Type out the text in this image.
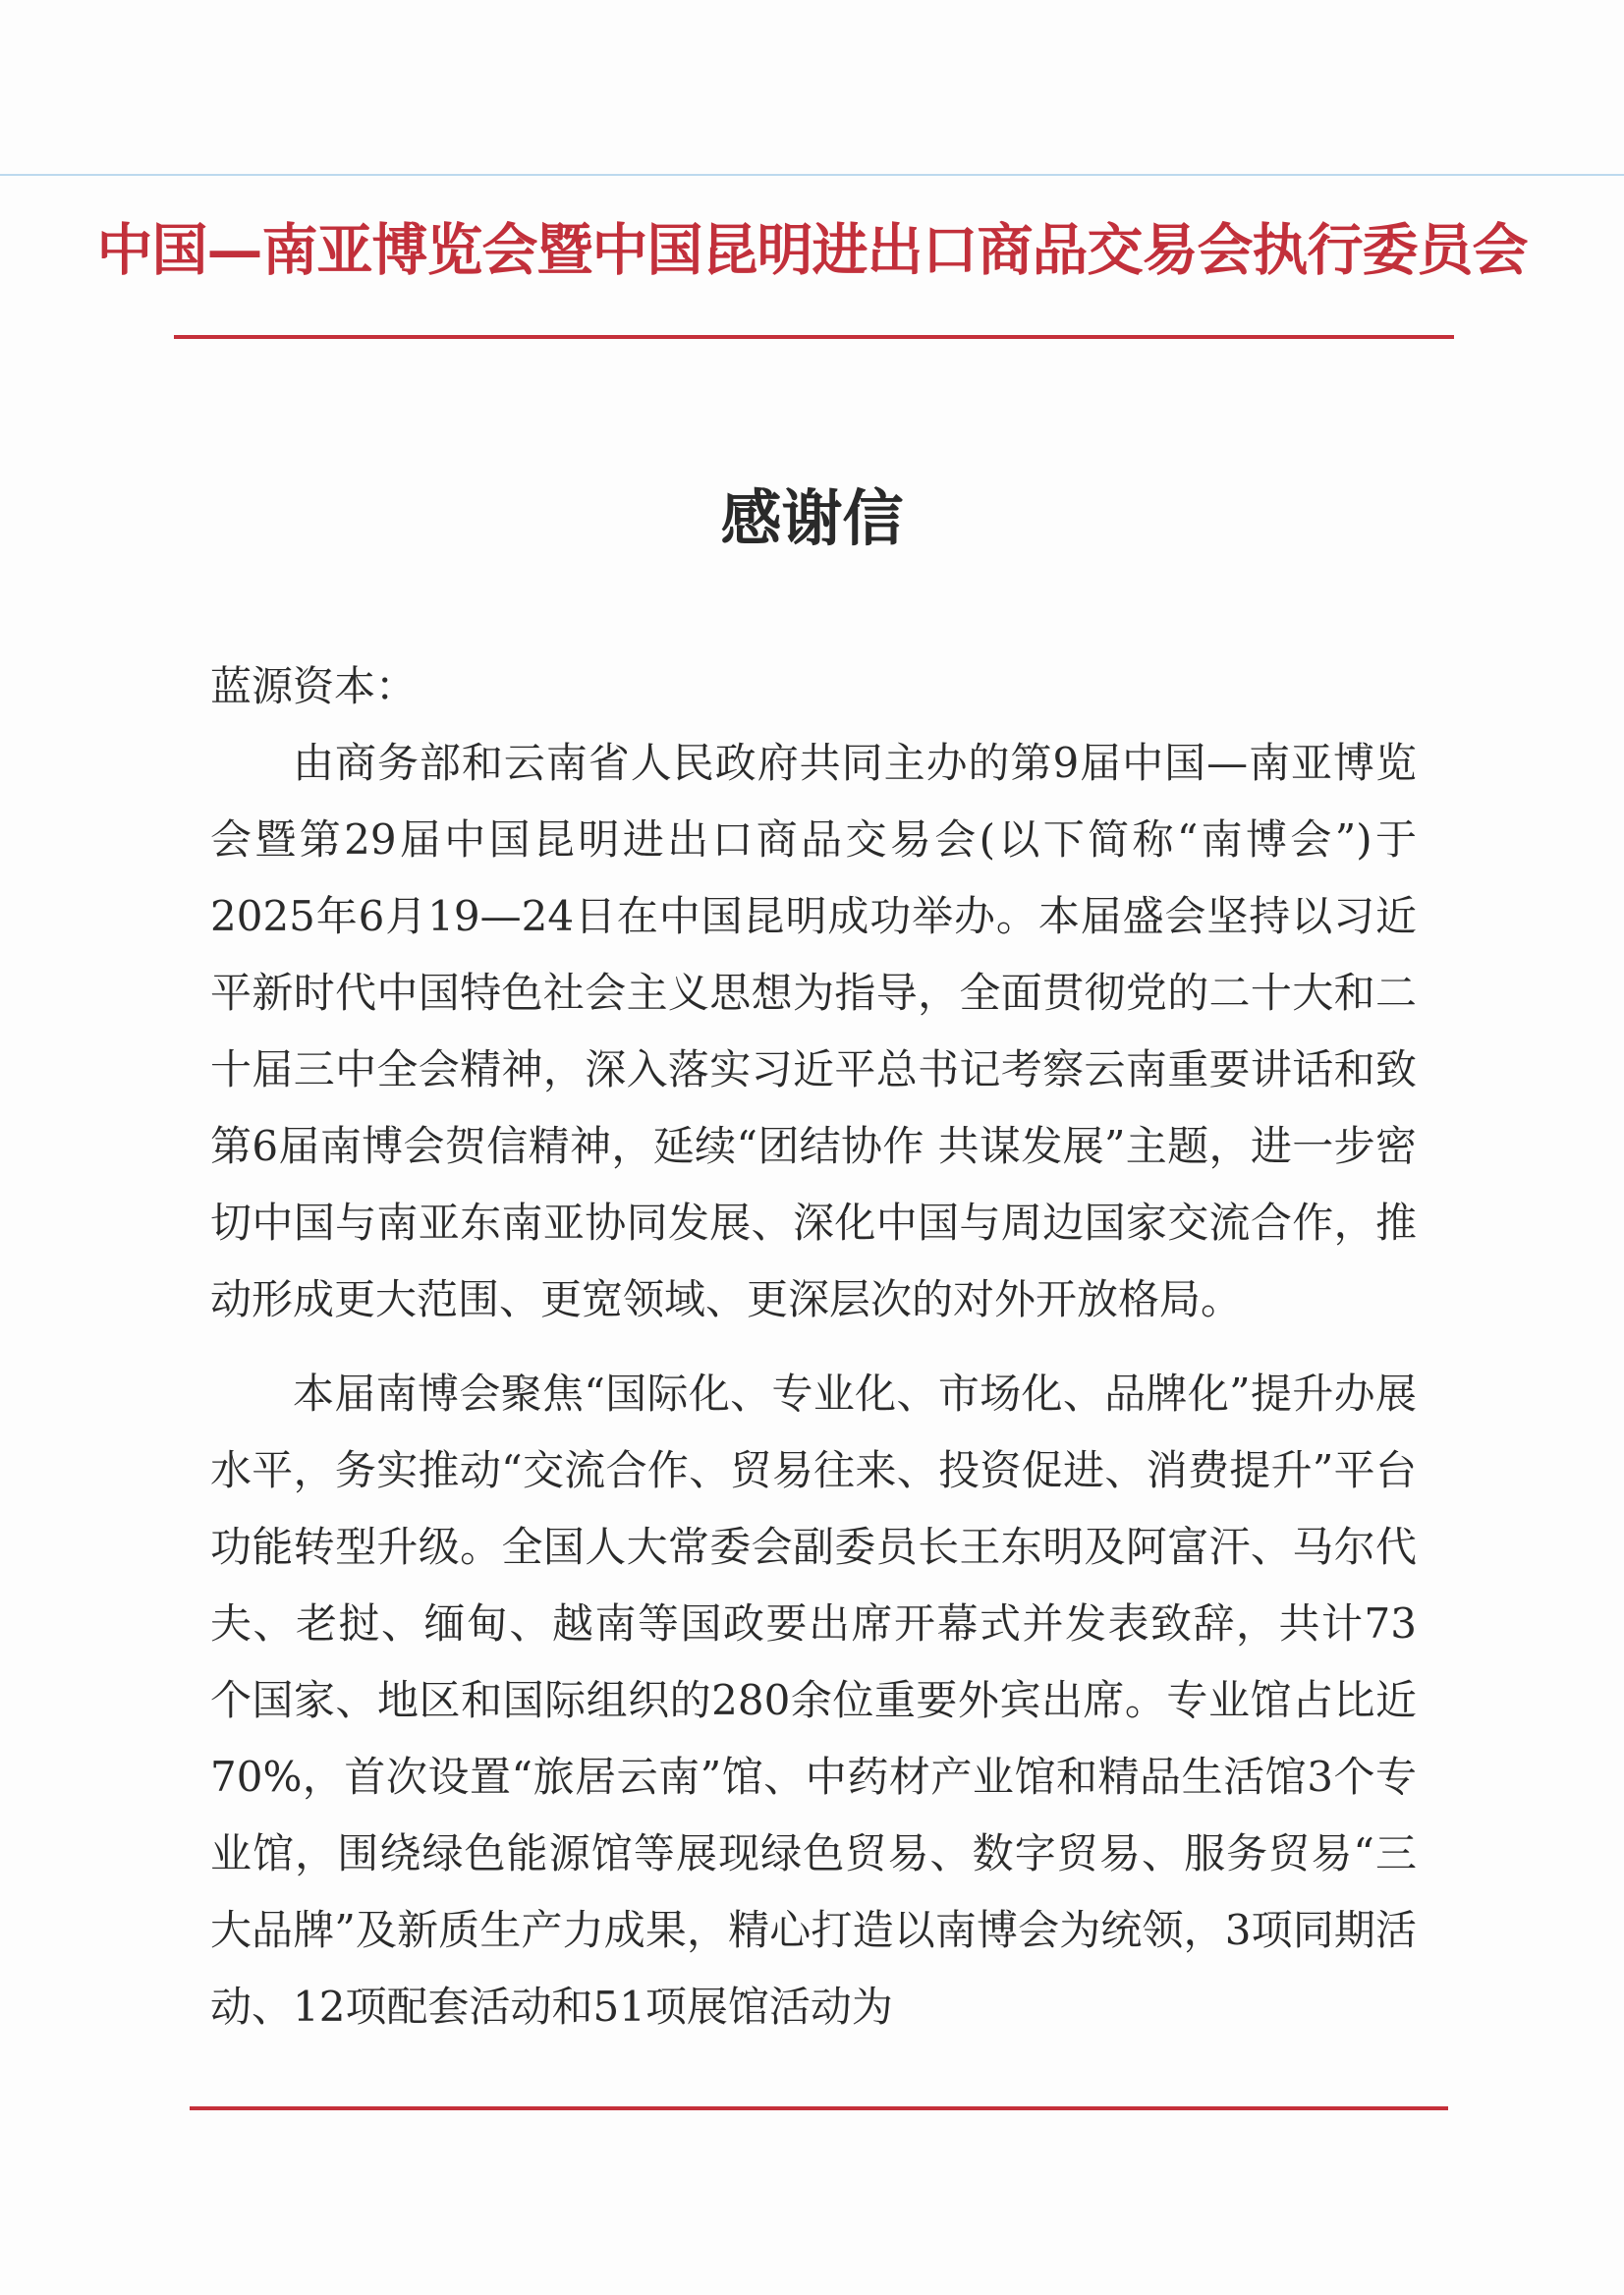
中国—南亚博览会暨中国昆明进出口商品交易会执行委员会
感谢信

蓝源资本：

由商务部和云南省人民政府共同主办的第9届中国—南亚博览会暨第29届中国昆明进出口商品交易会(以下简称“南博会”)于2025年6月19—24日在中国昆明成功举办。本届盛会坚持以习近平新时代中国特色社会主义思想为指导，全面贯彻党的二十大和二十届三中全会精神，深入落实习近平总书记考察云南重要讲话和致第6届南博会贺信精神，延续“团结协作 共谋发展”主题，进一步密切中国与南亚东南亚协同发展、深化中国与周边国家交流合作，推动形成更大范围、更宽领域、更深层次的对外开放格局。

本届南博会聚焦“国际化、专业化、市场化、品牌化”提升办展水平，务实推动“交流合作、贸易往来、投资促进、消费提升”平台功能转型升级。全国人大常委会副委员长王东明及阿富汗、马尔代夫、老挝、缅甸、越南等国政要出席开幕式并发表致辞，共计73个国家、地区和国际组织的280余位重要外宾出席。专业馆占比近70%，首次设置“旅居云南”馆、中药材产业馆和精品生活馆3个专业馆，围绕绿色能源馆等展现绿色贸易、数字贸易、服务贸易“三大品牌”及新质生产力成果，精心打造以南博会为统领，3项同期活动、12项配套活动和51项展馆活动为
